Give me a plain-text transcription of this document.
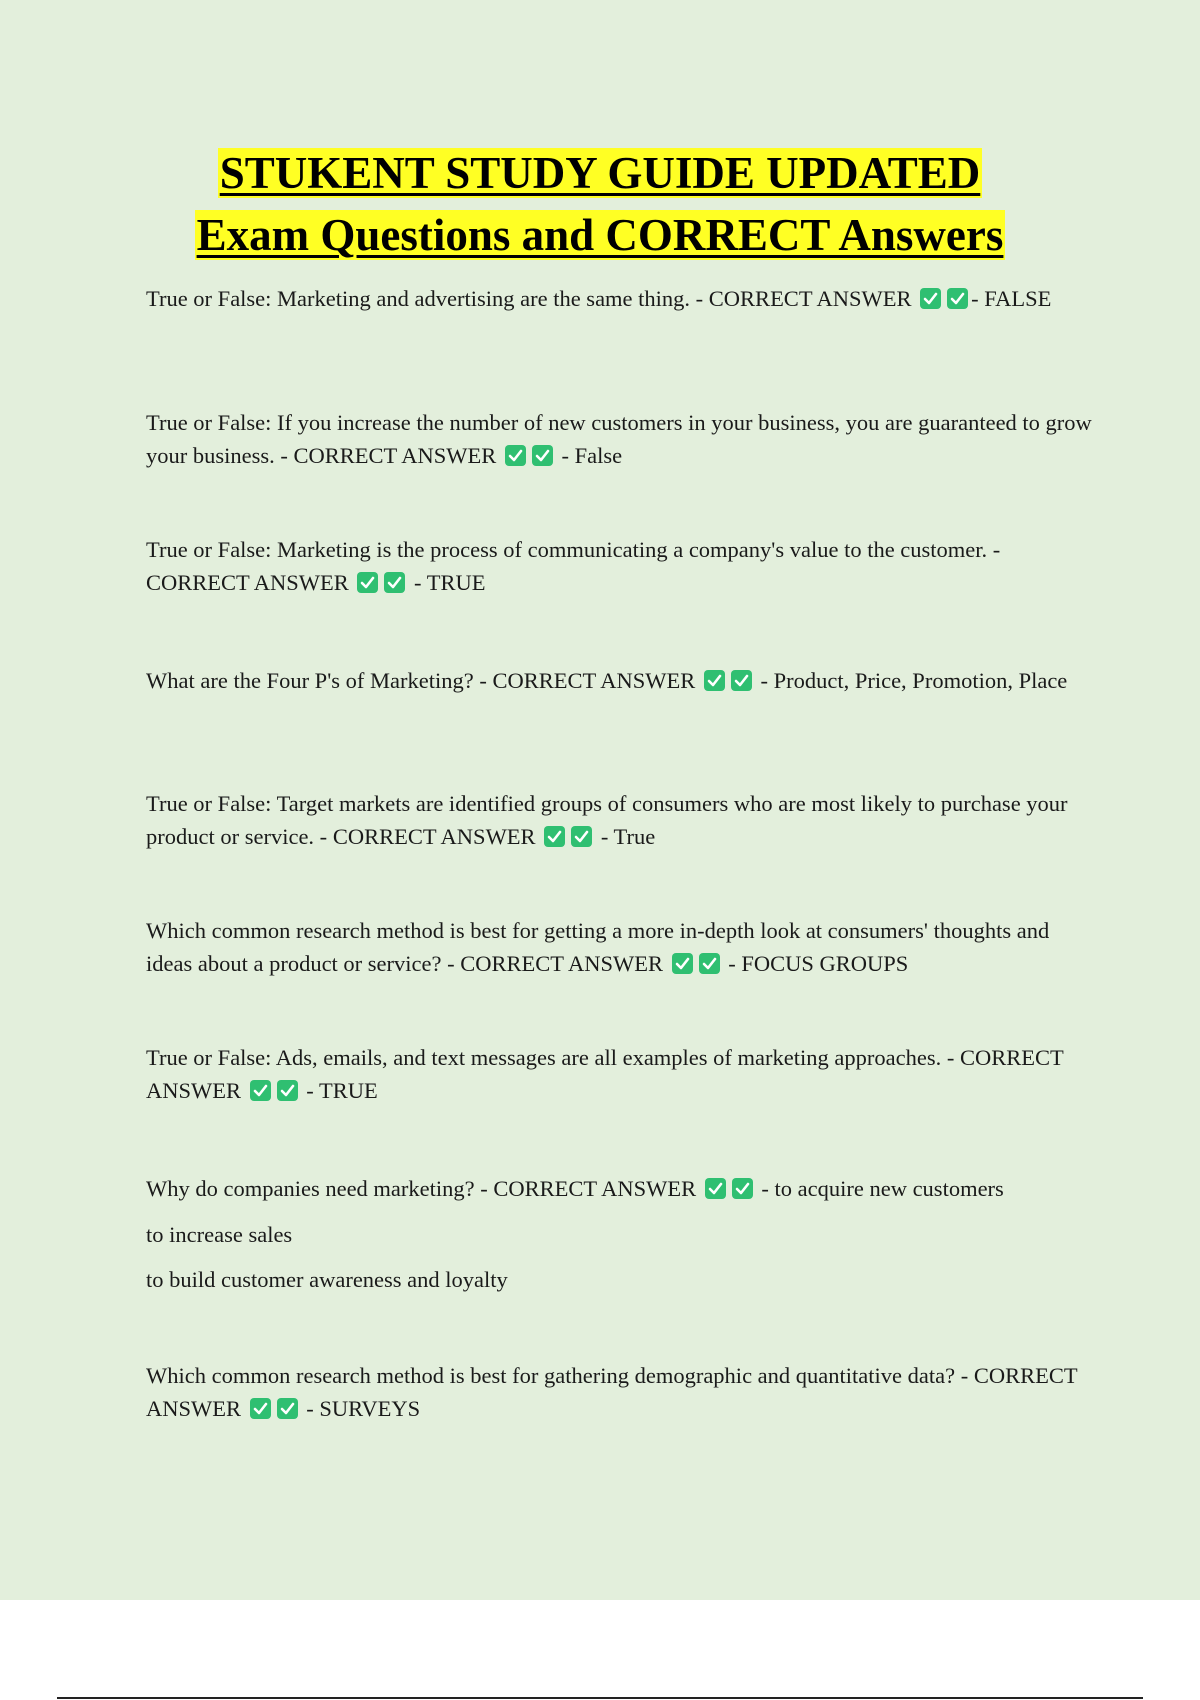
STUKENT STUDY GUIDE UPDATED
Exam Questions and CORRECT Answers
True or False: Marketing and advertising are the same thing. - CORRECT ANSWER	- FALSE
True or False: If you increase the number of new customers in your business, you are guaranteed to grow your business. - CORRECT ANSWER	- False
True or False: Marketing is the process of communicating a company's value to the customer. - CORRECT ANSWER	- TRUE
What are the Four P's of Marketing? - CORRECT ANSWER	- Product, Price, Promotion, Place
True or False: Target markets are identified groups of consumers who are most likely to purchase your product or service. - CORRECT ANSWER	- True
Which common research method is best for getting a more in-depth look at consumers' thoughts and ideas about a product or service? - CORRECT ANSWER	- FOCUS GROUPS
True or False: Ads, emails, and text messages are all examples of marketing approaches. - CORRECT ANSWER	- TRUE
Why do companies need marketing? - CORRECT ANSWER	- to acquire new customers
to increase sales
to build customer awareness and loyalty
Which common research method is best for gathering demographic and quantitative data? - CORRECT ANSWER	- SURVEYS
